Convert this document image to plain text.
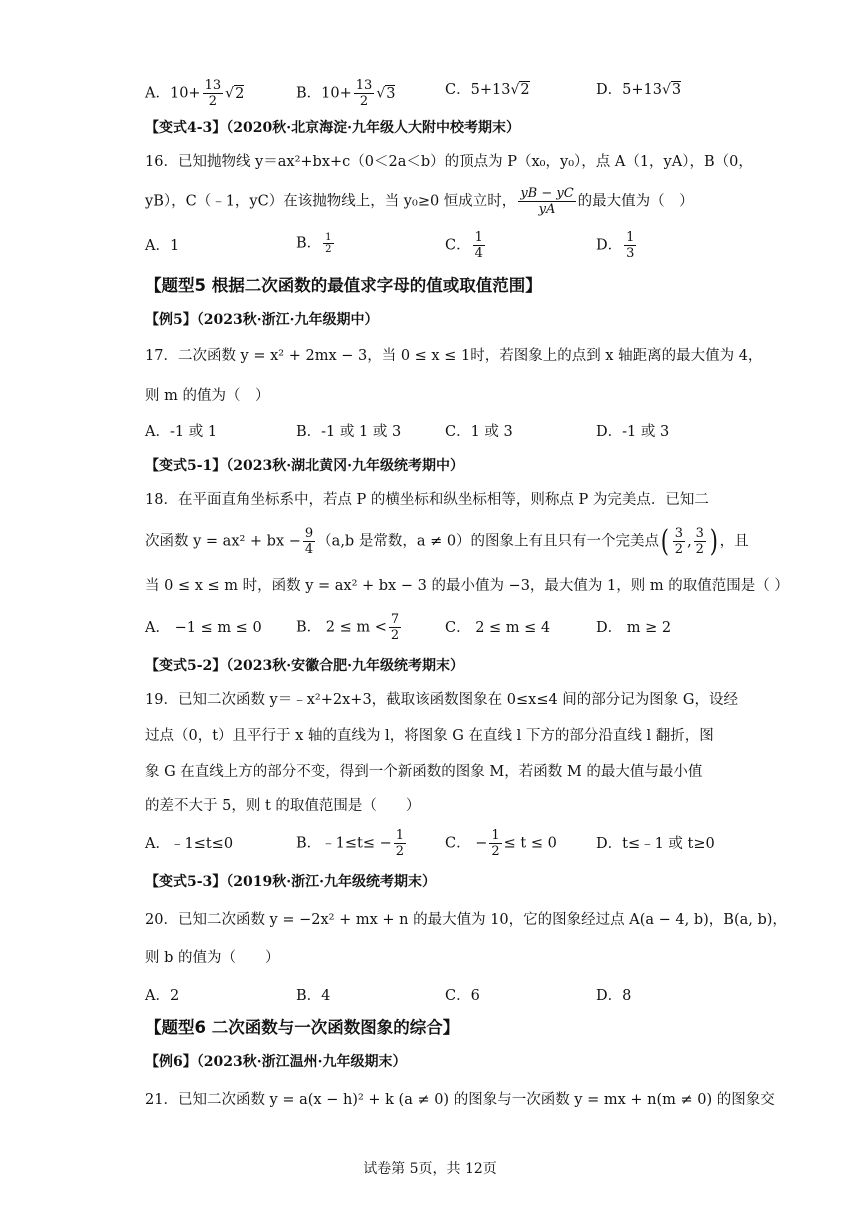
A．$10+ \frac{13}{2} √2$	B．$10+ \frac{13}{2} √3$	C．5+13√2	D．5+13√3
【变式4-3】（2020秋·北京海淀·九年级人大附中校考期末）
16．已知抛物线 y＝ax²+bx+c（0＜2a＜b）的顶点为 P（x₀，y₀），点 A（1，yA），B（0，
yB），C（﹣1，yC）在该抛物线上，当 y₀≥0 恒成立时， $\frac{yB - yC}{yA}$ 的最大值为（　）
A．1	B． $\frac{1}{2}$	C． $\frac{1}{4}$	D． $\frac{1}{3}$
【题型5 根据二次函数的最值求字母的值或取值范围】
【例5】（2023秋·浙江·九年级期中）
17．二次函数 y = x² + 2mx − 3，当 0 ≤ x ≤ 1时，若图象上的点到 x 轴距离的最大值为 4，
则 m 的值为（　）
A．-1 或 1	B．-1 或 1 或 3	C．1 或 3	D．-1 或 3
【变式5-1】（2023秋·湖北黄冈·九年级统考期中）
18．在平面直角坐标系中，若点 P 的横坐标和纵坐标相等，则称点 P 为完美点．已知二
次函数 y = ax² + bx − $\frac{9}{4} (a,b$ 是常数，a ≠ 0）的图象上有且只有一个完美点( $\frac{3}{2}$ , $\frac{3}{2}$ ) ，且
当 0 ≤ x ≤ m 时，函数 y = ax² + bx − 3 的最小值为 −3，最大值为 1，则 m 的取值范围是（ ）
A． −1 ≤ m ≤ 0 B． $2 \le m < \frac{7}{2}$	C． 2 ≤ m ≤ 4	D． m ≥ 2
【变式5-2】（2023秋·安徽合肥·九年级统考期末）
19．已知二次函数 y＝﹣x²+2x+3，截取该函数图象在 0≤x≤4 间的部分记为图象 G，设经
过点（0，t）且平行于 x 轴的直线为 l，将图象 G 在直线 l 下方的部分沿直线 l 翻折，图
象 G 在直线上方的部分不变，得到一个新函数的图象 M，若函数 M 的最大值与最小值
的差不大于 5，则 t 的取值范围是（　　）
A．﹣1≤t≤0	B．﹣1≤t≤ − $\frac{1}{2}$	C． − $\frac{1}{2} \le t \le 0$	D．t≤﹣1 或 t≥0
【变式5-3】（2019秋·浙江·九年级统考期末）
20．已知二次函数 y = −2x² + mx + n 的最大值为 10，它的图象经过点 A(a − 4, b)，B(a, b)，
则 b 的值为（　　）
A．2	B．4	C．6	D．8
【题型6 二次函数与一次函数图象的综合】
【例6】（2023秋·浙江温州·九年级期末）
21．已知二次函数 y = a(x − h)² + k (a ≠ 0) 的图象与一次函数 y = mx + n(m ≠ 0) 的图象交
试卷第 5页，共 12页
